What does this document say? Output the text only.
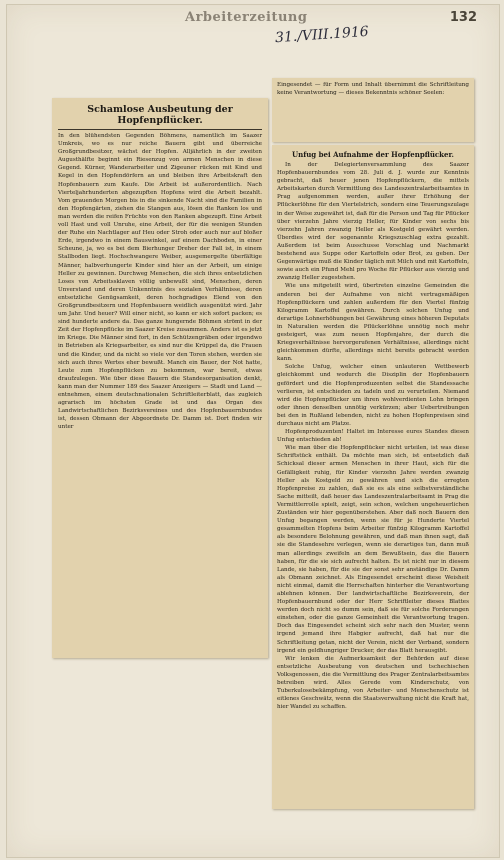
Arbeiterzeitung
31./VIII.1916
132
Schamlose Ausbeutung der Hopfenpflücker.

In den blühendsten Gegenden Böhmens, namentlich im Saazer Umkreis, wo es nur reiche Bauern gibt und überreiche Großgrundbesitzer, wächst der Hopfen. Alljährlich in der zweiten Augusthälfte beginnt ein Riesenzug von armen Menschen in diese Gegend. Kürner, Wanderarbeiter und Zigeuner rücken mit Kind und Kegel in den Hopfendörfern an und bleiben ihre Arbeitskraft den Hopfenbauern zum Kaufe. Die Arbeit ist außerordentlich. Nach Vierteljahrhunderten abgezupften Hopfens wird die Arbeit bezahlt. Vom grauenden Morgen bis in die sinkende Nacht sind die Familien in den Hopfengärten, ziehen die Stangen aus, lösen die Ranken los und man werden die reifen Früchte von den Ranken abgezupft. Eine Arbeit voll Hast und voll Unruhe, eine Arbeit, der für die wenigen Stunden der Ruhe ein Nachtlager auf Heu oder Stroh oder auch nur auf bloßer Erde, irgendwo in einem Bauswinkel, auf einem Dachboden, in einer Scheune, ja, wo es bei dem Bierhunger Dreher der Fall ist, in einem Stallboden liegt. Hochschwangere Weiber, ausgemergelte überfältige Männer, halbverhungerte Kinder sind hier an der Arbeit, um einige Heller zu gewinnen. Durchweg Menschen, die sich ihres entsetzlichen Loses von Arbeitssklaven völlig unbewußt sind, Menschen, deren Unverstand und deren Unkenntnis des sozialen Verhältnisse, deren entsetzliche Genügsamkeit, deren hochgradiges Elend von den Großgrundbesitzern und Hopfenbauern weidlich ausgenützt wird. Jahr um Jahr. Und heuer? Will einer nicht, so kann er sich sofort packen; es sind hunderte andere da. Das ganze hungernde Böhmen strömt in der Zeit der Hopfenpflücke im Saazer Kreise zusammen. Anders ist es jetzt im Kriege. Die Männer sind fort, in den Schützengräben oder irgendwo in Betrieben als Kriegsarbeiter, es sind nur die Krüppel da, die Frauen und die Kinder, und da nicht so viele vor den Toren stehen, werden sie sich auch ihres Wertes eher bewußt. Manch ein Bauer, der Not hatte, Leute zum Hopfenpflücken zu bekommen, war bereit, etwas draufzulegen. Wie über diese Bauern die Standesorganisation denkt, kann man der Nummer 189 des Saazer Anzeigers — Stadt und Land — entnehmen, einem deutschnationalen Schriftleiterblatt, das zugleich agrarisch im höchsten Grade ist und das Organ des Landwirtschaftlichen Bezirksvereines und des Hopfenbauernbundes ist, dessen Obmann der Abgeordnete Dr. Damm ist. Dort finden wir unter

Eingesendet — für Form und Inhalt übernimmt die Schriftleitung keine Verantwortung — dieses Bekenntnis schöner Seelen:

Unfug bei Aufnahme der Hopfenpflücker.

In der Delegiertenversammlung des Saazer Hopfenbauernbundes vom 28. Juli d. J. wurde zur Kenntnis gebracht, daß heuer jenen Hopfenpflückern, die mittels Arbeitskarten durch Vermittlung des Landeszentralarbeitsamtes in Prag aufgenommen werden, außer ihrer Erhöhung der Pflückerlöhne für den Viertelstrich, sondern eine Teuerungszulage in der Weise zugewährt ist, daß für die Person und Tag für Pflücker über vierzehn Jahre vierzig Heller, für Kinder von sechs bis vierzehn Jahren zwanzig Heller als Kostgeld gewährt werden. Überdies wird der sogenannte Kriegszuschlag extra gezahlt. Außerdem ist beim Ausschusse Vorschlag und Nachmarkt bestehend aus Suppe oder Kartoffeln oder Brot, zu geben. Der Gegenwärtige muß die Kinder täglich mit Milch und mit Kartoffeln, sowie auch ein Pfund Mehl pro Woche für Pflücker aus vierzig und zwanzig Heller zugestehen.

Wie uns mitgeteilt wird, übertreten einzelne Gemeinden die anderen bei der Aufnahme von nicht vertragsmäßigen Hopfenpflückern und zahlen außerdem für den Viertel fünfzig Kilogramm Kartoffel gewähren. Durch solchen Unfug und derartige Lohnerhöhungen bei Gewährung eines höheren Deputats in Naturalien werden die Pflückerlöhne unnötig noch mehr gesteigert, was zum neuen Hopfenjahre, der durch die Kriegsverhältnisse hervorgerufenen Verhältnisse, allerdings nicht gleichkommen dürfte, allerdings nicht bereits gebracht werden kann.

Solche Unfug, welcher einen unlauteren Wettbewerb gleichkommt und wodurch die Disziplin der Hopfenbauern gefördert und die Hopfenproduzenten selbst die Standessache verlieren, ist entschieden zu tadeln und zu verurteilen. Niemand wird die Hopfenpflücker um ihren wohlverdienten Lohn bringen oder ihnen denselben unnötig verkürzen; aber Uebertreibungen bei den in Rußland lebenden, nicht zu hohen Hopfenpreisen sind durchaus nicht am Platze.

Hopfenproduzenten! Haltet im Interesse eures Standes diesen Unfug entschieden ab!

Wie man über die Hopfenpflücker nicht urteilen, ist was diese Schriftstück enthält. Da möchte man sich, ist entsetzlich daß Schicksal dieser armen Menschen in ihrer Haut, sich für die Gefälligkeit ruhig, für Kinder vierzehn Jahre werden zwanzig Heller als Kostgeld zu gewähren und sich die erregten Hopfenpreise zu zahlen, daß sie es als eine selbstverständliche Sache mitteilt, daß heuer das Landeszentralarbeitsamt in Prag die Vermittlerrolle spielt, zeigt, sein schon, welchen ungeheuerlichen Zuständen wir hier gegenüberstehen. Aber daß noch Bauern den Unfug begangen werden, wenn sie für je Hunderte Viertel gesammelten Hopfens beim Arbeiter fünfzig Kilogramm Kartoffel als besondere Belohnung gewähren, und daß man ihnen sagt, daß sie die Standesehre verlegen, wenn sie derartiges tun, dann muß man allerdings zweifeln an dem Bewußtsein, das die Bauern haben, für die sie sich aufrecht halten. Es ist nicht nur in diesem Lande, sie haben, für die sie der sonst sehr anständige Dr. Damm als Obmann zeichnet. Als Eingesendet erscheint diese Weisheit nicht einmal, damit die Herrschaften hinterher die Verantwortung ablehnen können. Der landwirtschaftliche Bezirksverein, der Hopfenbauernbund oder der Herr Schriftleiter dieses Blattes werden doch nicht so dumm sein, daß sie für solche Forderungen einstehen, oder die ganze Gemeinheit die Verantwortung tragen. Doch das Eingesendet scheint sich sehr nach den Muster, wenn irgend jemand ihre Habgier aufrecht, daß hat nur die Schriftleitung getan, nicht der Verein, nicht der Verband, sondern irgend ein geldhungriger Drucker, der das Blatt herausgibt.

Wir lenken die Aufmerksamkeit der Behörden auf diese entsetzliche Ausbeutung von deutschen und tschechischen Volksgenossen, die die Vermittlung des Prager Zentralarbeitsamtes betreiben wird. Alles Gerede vom Kinderschutz, von Tuberkulosebekämpfung, von Arbeiter- und Menschenschutz ist eitlenes Geschwätz, wenn die Staatsverwaltung nicht die Kraft hat, hier Wandel zu schaffen.
